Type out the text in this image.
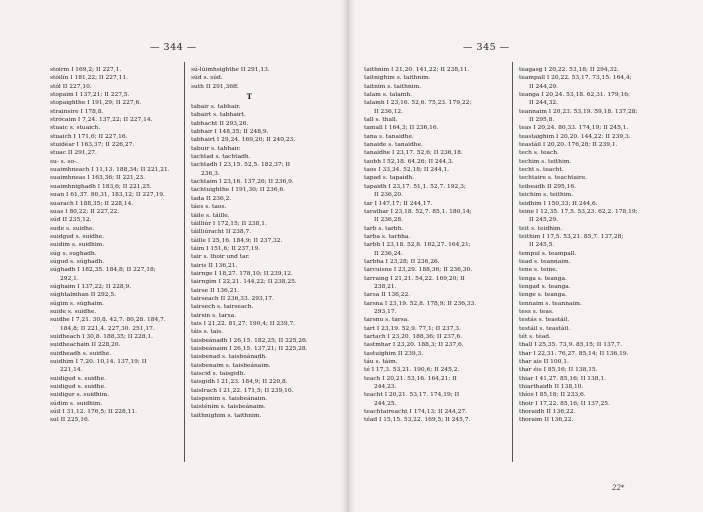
— 344 —
stoirm I 169,2; II 227,1.
stóilín I 181,22; II 227,11.
stól II 227,10.
stopaim I 137,21; II 227,5.
stopaighthe I 191,29; II 227,6.
strainsire I 178,8.
strócaim I 7,24. 137,22; II 227,14.
stuaic s. stuaich.
stuaich I 171,6; II 227,16.
stuidéar I 163,37; II 226,27.
stuac II 291,27.
su- s. so-.
suaimhneach I 11,13. 188,34; II 221,21.
suaimhneas I 163,36; II 221,23.
suaimhnighadh I 183,6; II 221,25.
suan I 61,37. 80,31, 183,12; II 227,19.
suarach I 188,35; II 228,14.
suas I 80,22; II 227,22.
súd II 235,12.
sude s. suidhe.
suidgud s. suidhe.
suidim s. suidhim.
súg s. sughadh.
súgud s. súghadh.
súghadh I 182,35. 184,8; II 227,18;
292,1.
súghaim I 137,22; II 228,9.
súghtalmhan II 292,5.
súgim s. súghaim.
suide s. suidhe.
suidhe I 7,21. 30,8. 42,7. 80,28. 184,7.
184,8; II 221,4. 227,30. 251,17.
suidheach I 30,8. 188,35; II 228,1.
suidheachain II 228,20.
suidheadh s. suidhe.
suidhim I 7,20. 10,14. 137,19; II
221,14.
suidigud s. suidhe.
suidigud s. suidhe.
suidigur s. suidhim.
súdim s. suidhim.
súil I 31,12. 176,5; II 228,11.
sul II 225,16.
sú-lúimhsighthe II 291,13.
súd s. súd.
suth II 291,36ff.
T
tabair s. tabhair.
tabairt s. tabhairt.
tabhacht II 293,26.
tabhair I 148,35; II 248,9.
tabhairt I 29,24. 169,20; II 240,23.
tabuir s. tabhair.
tachtad s. tachtadh.
tachtadh I 23,15. 52,5. 182,37; II
236,3.
tachtaim I 23,16. 137,26; II 236,9.
tachtuighthe I 191,30; II 236,6.
tada II 236,2.
táes s. taos.
táile s. táille.
táilliúr I 172,15; II 238,1.
táilliúracht II 238,7.
táille I 25,16. 184,9; II 237,32.
táim I 151,6; II 237,19.
tair s. thoir und tar.
tairis II 136,21.
tairnge I 18,27. 178,10; II 239,12.
tairngim I 22,21. 144,22; II 238,25.
tairse II 136,21.
tairseach II 236,33. 293,17.
tairsech s. tairseach.
tairsin s. tarsa.
tais I 21,22. 81,27. 190,4; II 239,7.
táis s. tais.
taisbeánadh I 26,15. 182,25; II 225,26.
taisbeánaim I 26,15. 137,21; II 225,28.
taisbenad s. taisbeánadh.
taisbenaim s. taisbeánaim.
taiscid s. taisgidh.
taisgidh I 21,23. 184,9; II 220,8.
taislrach I 21,22. 171,5; II 239,10.
taispenim s. taisbeánaim.
taisténim s. taisbeánaim.
taithnighim s. taithnim.
— 345 —
taithnim I 21,20. 141,22; II 238,11.
taitnighim s. taithnim.
taitnim s. taithnim.
talam s. talamh.
talamh I 23,16. 52,6. 75,23. 179,22;
II 236,12.
tall s. thall.
tamall I 164,3; II 236,16.
tana s. tanaidhe.
tanaide s. tanaidhe.
tanaidhe I 23,17. 52,6; II 236,18.
taobh I 52,18. 64,26; II 244,3.
taos I 33,34. 52,18; II 244,1.
tapad s. tapaidh.
tapaidh I 23,17. 51,1. 52,7. 192,3;
II 236,20.
tar I 147,17; II 244,17.
tarathar I 23,18. 52,7. 85,1. 180,14;
II 236,28.
tarb s. tarbh.
tarba s. tarbha.
tarbh I 23,18. 52,8. 162,27. 164,21;
II 236,24.
tarbha I 23,28; II 236,26.
tarcuisne I 23,29. 188,36; II 236,30.
tarraing I 21,21. 54,22. 169,20; II
238,21.
tarsa II 136,22.
tarsna I 23,19. 52,8. 178,9; II 236,33.
293,17.
tarsnu s. tarsa.
tart I 23,19. 52,9. 77,1; II 237,3.
tartach I 23,20. 188,36; II 237,6.
tastmhar I 23,20. 188,3; II 237,6.
tastuighim II 239,3.
táu s. táim.
té I 17,3. 53,21. 190,6; II 245,2.
teach I 20,21. 53,16. 164,21; II
244,23.
teacht I 20,21. 53,17. 174,19; II
244,25.
teachtaireacht I 174,13; II 244,27.
téad I 15,15. 53,22. 169,5; II 245,7.
teagasg I 20,22. 53,18; II 294,32.
teampall I 20,22. 53,17. 73,15. 164,4;
II 244,29.
teanga I 20,24. 53,18. 62,31. 179,16;
II 244,32.
teannaim I 20,23. 53,19. 59,18. 137,28;
II 295,8.
teas I 20,24. 80,33. 174,19; II 245,1.
teastaighim I 20,20. 144,22; II 239,3.
teastáil I 20,20. 176,28; II 239,1.
tech s. teach.
techim s. teithim.
techt s. teacht.
techtaire s. teachtaire.
teibeadh II 295,16.
teichim s. teithim.
teidhim I 150,33; II 244,6.
teine I 12,35. 17,5. 53,23. 62,2. 178,19;
II 245,29.
teit s. teidhim.
teithim I 17,5. 53,21. 85,7. 137,28;
II 245,5.
tempul s. teampall.
tead s. teannaim.
tene s. teine.
tenga s. teanga.
tengad s. teanga.
tenge s. teanga.
tennaim s. teannaim.
tess s. teas.
testás s. teastáil.
testáil s. teastáil.
tét s. téad.
thall I 25,35. 73,9. 85,15; II 137,7.
thar I 22,31. 76,27. 85,14; II 136,19.
thar ais II 100,1.
thar éis I 85,16; II 138,15.
thiar I 41,27. 85,16; II 138,1.
thiarthaidh II 138,10.
thíos I 85,18; II 233,6.
thoir I 17,22. 85,16; II 137,25.
thoraidh II 136,22.
thoraim II 136,22.
22*
